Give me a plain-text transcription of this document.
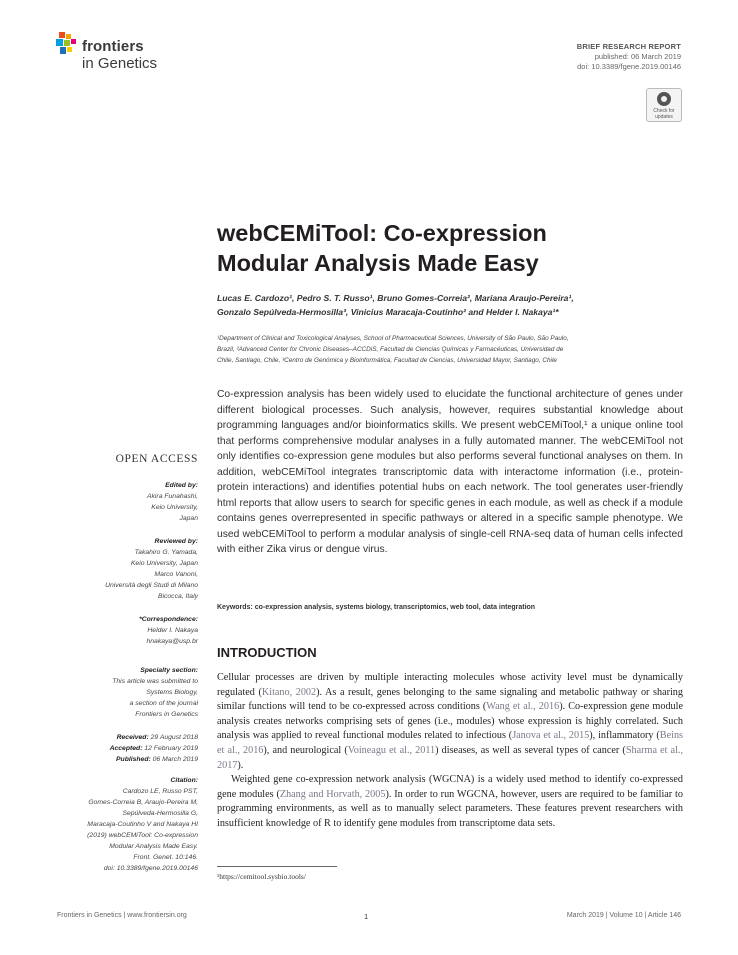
frontiers
in Genetics
BRIEF RESEARCH REPORT
published: 06 March 2019
doi: 10.3389/fgene.2019.00146
Check for
updates
webCEMiTool: Co-expression
Modular Analysis Made Easy
Lucas E. Cardozo¹, Pedro S. T. Russo¹, Bruno Gomes-Correia², Mariana Araujo-Pereira¹,
Gonzalo Sepúlveda-Hermosilla³, Vinicius Maracaja-Coutinho² and Helder I. Nakaya¹*
¹Department of Clinical and Toxicological Analyses, School of Pharmaceutical Sciences, University of São Paulo, São Paulo,
Brazil, ²Advanced Center for Chronic Diseases–ACCDiS, Facultad de Ciencias Químicas y Farmacéuticas, Universidad de
Chile, Santiago, Chile, ³Centro de Genómica y Bioinformática, Facultad de Ciencias, Universidad Mayor, Santiago, Chile
Co-expression analysis has been widely used to elucidate the functional architecture of genes under different biological processes. Such analysis, however, requires substantial knowledge about programming languages and/or bioinformatics skills. We present webCEMiTool,¹ a unique online tool that performs comprehensive modular analyses in a fully automated manner. The webCEMiTool not only identifies co-expression gene modules but also performs several functional analyses on them. In addition, webCEMiTool integrates transcriptomic data with interactome information (i.e., protein-protein interactions) and identifies potential hubs on each network. The tool generates user-friendly html reports that allow users to search for specific genes in each module, as well as check if a module contains genes overrepresented in specific pathways or altered in a specific sample phenotype. We used webCEMiTool to perform a modular analysis of single-cell RNA-seq data of human cells infected with either Zika virus or dengue virus.
Keywords: co-expression analysis, systems biology, transcriptomics, web tool, data integration
INTRODUCTION

Cellular processes are driven by multiple interacting molecules whose activity level must be dynamically regulated (Kitano, 2002). As a result, genes belonging to the same signaling and metabolic pathway or sharing similar functions will tend to be co-expressed across conditions (Wang et al., 2016). Co-expression gene module analysis creates networks comprising sets of genes (i.e., modules) whose expression is highly correlated. Such analysis was applied to reveal functional modules related to infectious (Janova et al., 2015), inflammatory (Beins et al., 2016), and neurological (Voineagu et al., 2011) diseases, as well as several types of cancer (Sharma et al., 2017).

Weighted gene co-expression network analysis (WGCNA) is a widely used method to identify co-expressed gene modules (Zhang and Horvath, 2005). In order to run WGCNA, however, users are required to be familiar to programming environments, as well as to manually select parameters. These features prevent researchers with insufficient knowledge of R to identify gene modules from transcriptome data sets.

¹https://cemitool.sysbio.tools/
OPEN ACCESS
Edited by:
Akira Funahashi,
Keio University,
Japan
Reviewed by:
Takahiro G. Yamada,
Keio University, Japan
Marco Vanoni,
Università degli Studi di Milano
Bicocca, Italy
*Correspondence:
Helder I. Nakaya
hnakaya@usp.br
Specialty section:
This article was submitted to
Systems Biology,
a section of the journal
Frontiers in Genetics
Received: 29 August 2018
Accepted: 12 February 2019
Published: 06 March 2019
Citation:
Cardozo LE, Russo PST,
Gomes-Correia B, Araujo-Pereira M,
Sepúlveda-Hermosilla G,
Maracaja-Coutinho V and Nakaya HI
(2019) webCEMiTool: Co-expression
Modular Analysis Made Easy.
Front. Genet. 10:146.
doi: 10.3389/fgene.2019.00146
Frontiers in Genetics | www.frontiersin.org	1	March 2019 | Volume 10 | Article 146
